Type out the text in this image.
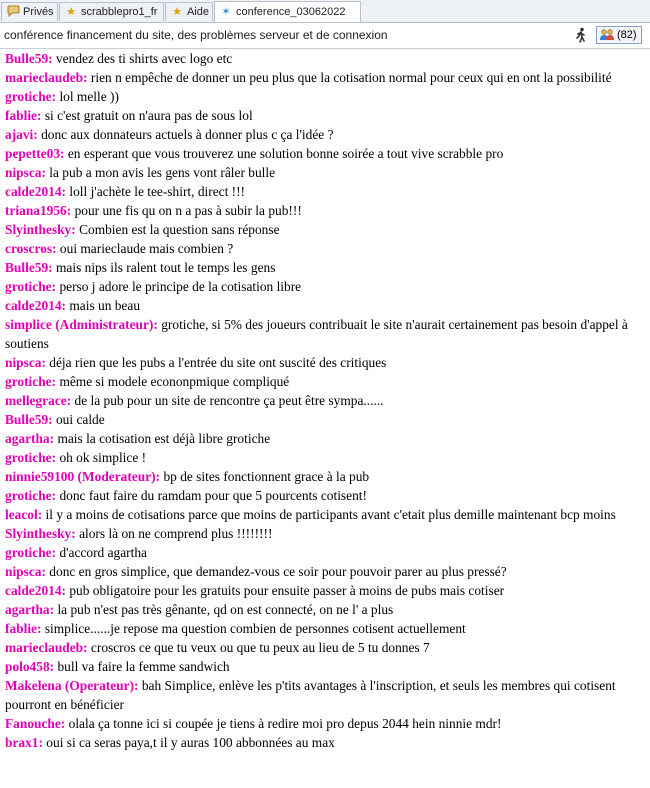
Privés ★ scrabblepro1_fr ★ Aide ✶ conference_03062022
conférence financement du site, des problèmes serveur et de connexion	(82)
Bulle59: vendez des ti shirts avec logo etc
marieclaudeb: rien n empêche de donner un peu plus que la cotisation normal pour ceux qui en ont la possibilité
grotiche: lol melle ))
fablie: si c'est gratuit on n'aura pas de sous lol
ajavi: donc aux donnateurs actuels à donner plus c ça l'idée ?
pepette03: en esperant que vous trouverez une solution bonne soirée a tout vive scrabble pro
nipsca: la pub a mon avis les gens vont râler bulle
calde2014: loll j'achète le tee-shirt, direct !!!
triana1956: pour une fis qu on n a pas à subir la pub!!!
Slyinthesky: Combien est la question sans réponse
croscros: oui marieclaude mais combien ?
Bulle59: mais nips ils ralent tout le temps les gens
grotiche: perso j adore le principe de la cotisation libre
calde2014: mais un beau
simplice (Administrateur): grotiche, si 5% des joueurs contribuait le site n'aurait certainement pas besoin d'appel à soutiens
nipsca: déja rien que les pubs a l'entrée du site ont suscité des critiques
grotiche: même si modele econonpmique compliqué
mellegrace: de la pub pour un site de rencontre ça peut être sympa......
Bulle59: oui calde
agartha: mais la cotisation est déjà libre grotiche
grotiche: oh ok simplice !
ninnie59100 (Moderateur): bp de sites fonctionnent grace à la pub
grotiche: donc faut faire du ramdam pour que 5 pourcents cotisent!
leacol: il y a moins de cotisations parce que moins de participants avant c'etait plus demille maintenant bcp moins
Slyinthesky: alors là on ne comprend plus !!!!!!!!
grotiche: d'accord agartha
nipsca: donc en gros simplice, que demandez-vous ce soir pour pouvoir parer au plus pressé?
calde2014: pub obligatoire pour les gratuits pour ensuite passer à moins de pubs mais cotiser
agartha: la pub n'est pas très gênante, qd on est connecté, on ne l' a plus
fablie: simplice......je repose ma question combien de personnes cotisent actuellement
marieclaudeb: croscros ce que tu veux ou que tu peux au lieu de 5 tu donnes 7
polo458: bull va faire la femme sandwich
Makelena (Operateur): bah Simplice, enlève les p'tits avantages à l'inscription, et seuls les membres qui cotisent pourront en bénéficier
Fanouche: olala ça tonne ici si coupée je tiens à redire moi pro depus 2044 hein ninnie mdr!
brax1: oui si ca seras paya,t il y auras 100 abbonnées au max
